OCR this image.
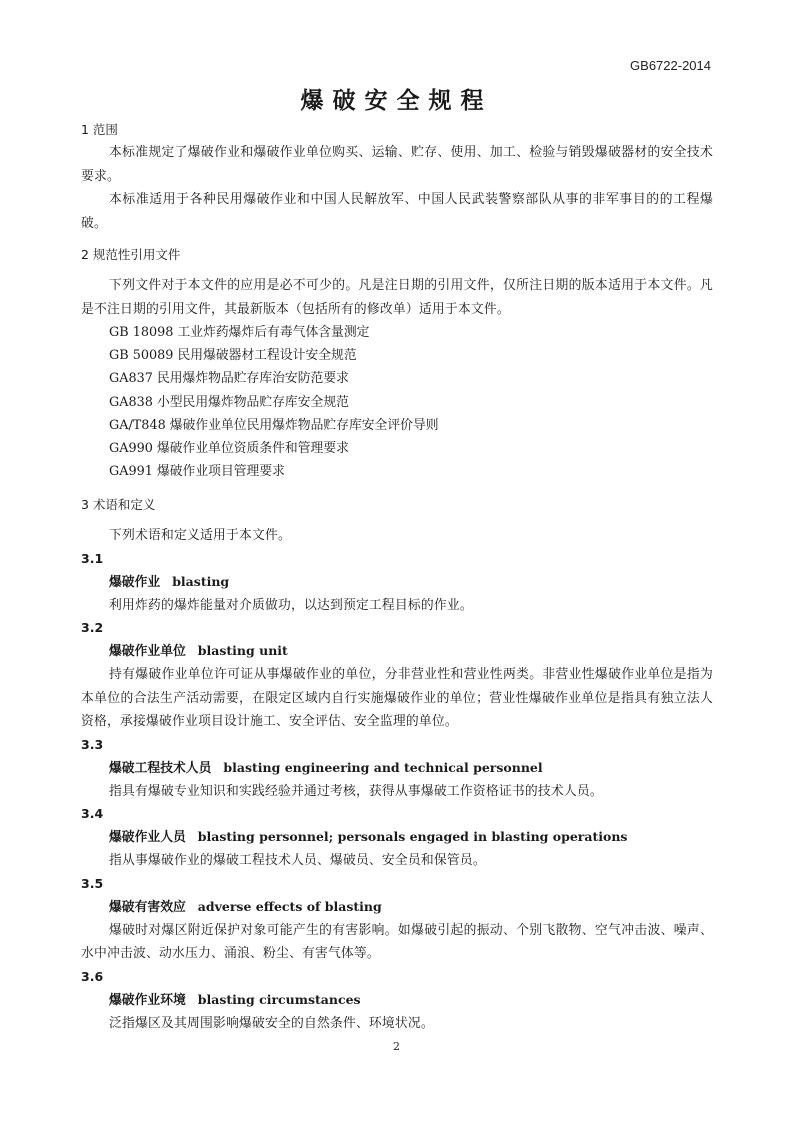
GB6722-2014
爆破安全规程

1 范围

本标准规定了爆破作业和爆破作业单位购买、运输、贮存、使用、加工、检验与销毁爆破器材的安全技术要求。

本标准适用于各种民用爆破作业和中国人民解放军、中国人民武装警察部队从事的非军事目的的工程爆破。

2 规范性引用文件

下列文件对于本文件的应用是必不可少的。凡是注日期的引用文件，仅所注日期的版本适用于本文件。凡是不注日期的引用文件，其最新版本（包括所有的修改单）适用于本文件。

GB 18098 工业炸药爆炸后有毒气体含量测定

GB 50089 民用爆破器材工程设计安全规范

GA837 民用爆炸物品贮存库治安防范要求

GA838 小型民用爆炸物品贮存库安全规范

GA/T848 爆破作业单位民用爆炸物品贮存库安全评价导则

GA990 爆破作业单位资质条件和管理要求

GA991 爆破作业项目管理要求

3 术语和定义

下列术语和定义适用于本文件。

3.1

爆破作业 blasting

利用炸药的爆炸能量对介质做功，以达到预定工程目标的作业。

3.2

爆破作业单位 blasting unit

持有爆破作业单位许可证从事爆破作业的单位，分非营业性和营业性两类。非营业性爆破作业单位是指为本单位的合法生产活动需要，在限定区域内自行实施爆破作业的单位；营业性爆破作业单位是指具有独立法人资格，承接爆破作业项目设计施工、安全评估、安全监理的单位。

3.3

爆破工程技术人员 blasting engineering and technical personnel

指具有爆破专业知识和实践经验并通过考核，获得从事爆破工作资格证书的技术人员。

3.4

爆破作业人员 blasting personnel; personals engaged in blasting operations

指从事爆破作业的爆破工程技术人员、爆破员、安全员和保管员。

3.5

爆破有害效应 adverse effects of blasting

爆破时对爆区附近保护对象可能产生的有害影响。如爆破引起的振动、个别飞散物、空气冲击波、噪声、水中冲击波、动水压力、涌浪、粉尘、有害气体等。

3.6

爆破作业环境 blasting circumstances

泛指爆区及其周围影响爆破安全的自然条件、环境状况。

2
